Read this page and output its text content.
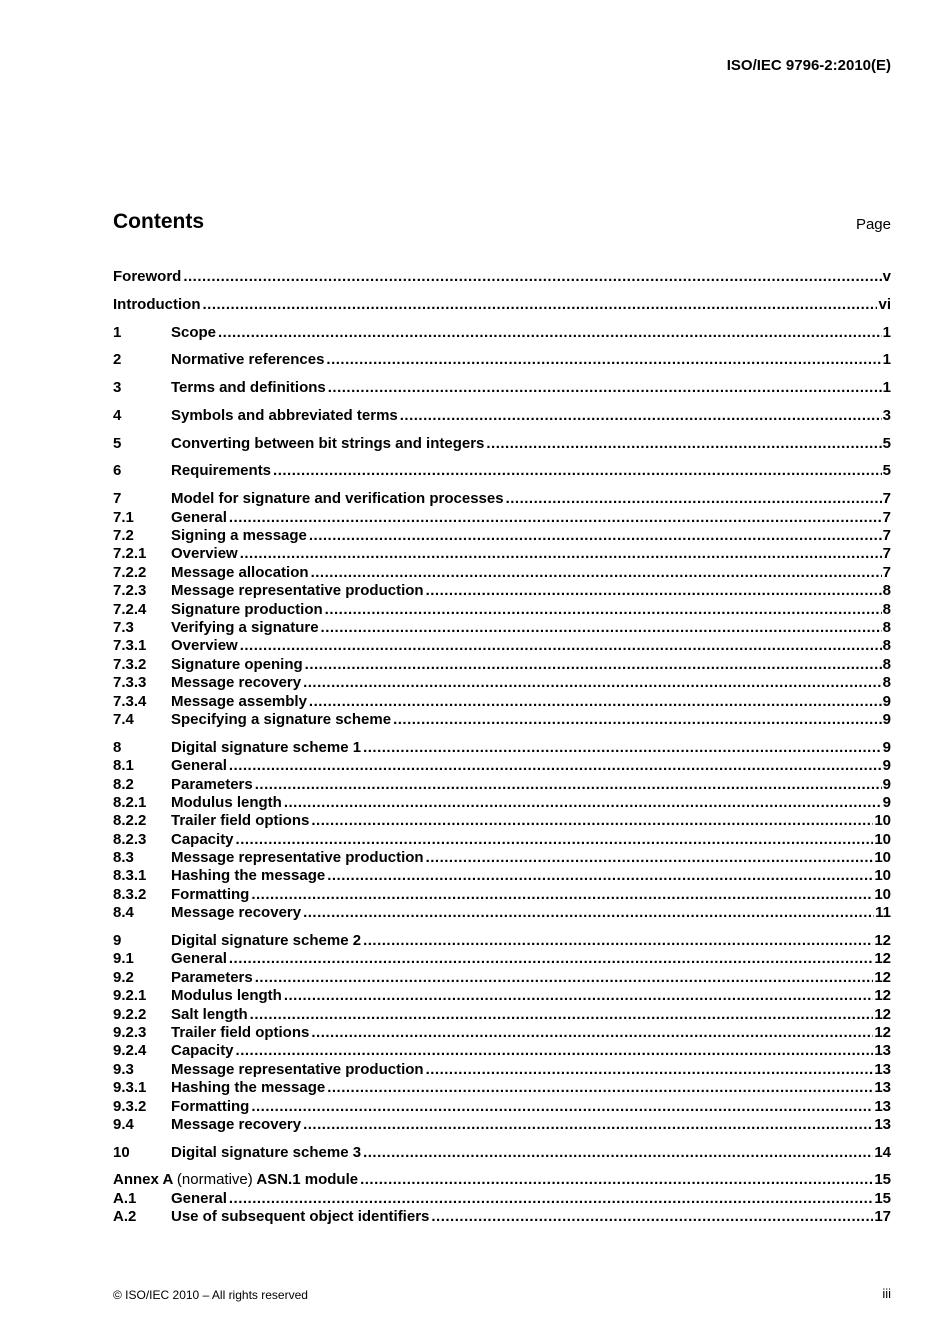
ISO/IEC 9796-2:2010(E)
Contents	Page
Foreword .....	v
Introduction .....	vi
1	Scope .....	1
2	Normative references .....	1
3	Terms and definitions .....	1
4	Symbols and abbreviated terms .....	3
5	Converting between bit strings and integers .....	5
6	Requirements .....	5
7	Model for signature and verification processes .....	7
7.1	General .....	7
7.2	Signing a message .....	7
7.2.1	Overview .....	7
7.2.2	Message allocation .....	7
7.2.3	Message representative production .....	8
7.2.4	Signature production .....	8
7.3	Verifying a signature .....	8
7.3.1	Overview .....	8
7.3.2	Signature opening .....	8
7.3.3	Message recovery .....	8
7.3.4	Message assembly .....	9
7.4	Specifying a signature scheme .....	9
8	Digital signature scheme 1 .....	9
8.1	General .....	9
8.2	Parameters .....	9
8.2.1	Modulus length .....	9
8.2.2	Trailer field options .....	10
8.2.3	Capacity .....	10
8.3	Message representative production .....	10
8.3.1	Hashing the message .....	10
8.3.2	Formatting .....	10
8.4	Message recovery .....	11
9	Digital signature scheme 2 .....	12
9.1	General .....	12
9.2	Parameters .....	12
9.2.1	Modulus length .....	12
9.2.2	Salt length .....	12
9.2.3	Trailer field options .....	12
9.2.4	Capacity .....	13
9.3	Message representative production .....	13
9.3.1	Hashing the message .....	13
9.3.2	Formatting .....	13
9.4	Message recovery .....	13
10	Digital signature scheme 3 .....	14
Annex A (normative) ASN.1 module .....	15
A.1	General .....	15
A.2	Use of subsequent object identifiers .....	17
© ISO/IEC 2010 – All rights reserved	iii
